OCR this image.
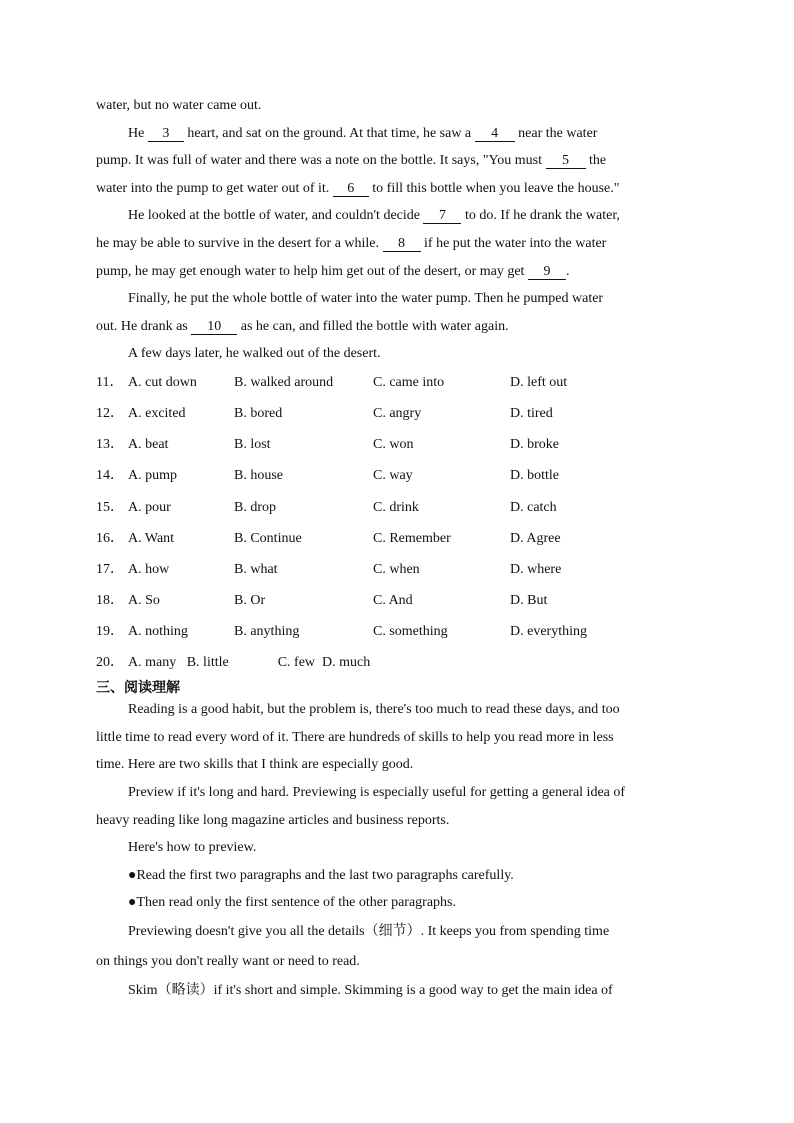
water, but no water came out.
He 3 heart, and sat on the ground. At that time, he saw a 4 near the water
pump. It was full of water and there was a note on the bottle. It says, "You must 5 the
water into the pump to get water out of it. 6 to fill this bottle when you leave the house."
He looked at the bottle of water, and couldn't decide 7 to do. If he drank the water,
he may be able to survive in the desert for a while. 8 if he put the water into the water
pump, he may get enough water to help him get out of the desert, or may get 9 .
Finally, he put the whole bottle of water into the water pump. Then he pumped water
out. He drank as 10 as he can, and filled the bottle with water again.
A few days later, he walked out of the desert.
11． A. cut down	B. walked around	C. came into	D. left out
12． A. excited	B. bored	C. angry	D. tired
13． A. beat	B. lost	C. won	D. broke
14． A. pump	B. house	C. way	D. bottle
15． A. pour	B. drop	C. drink	D. catch
16． A. Want	B. Continue	C. Remember	D. Agree
17． A. how	B. what	C. when	D. where
18． A. So	B. Or	C. And	D. But
19． A. nothing	B. anything	C. something	D. everything
20． A. many   B. little              C. few  D. much
三、阅读理解
Reading is a good habit, but the problem is, there's too much to read these days, and too
little time to read every word of it. There are hundreds of skills to help you read more in less
time. Here are two skills that I think are especially good.
Preview if it's long and hard. Previewing is especially useful for getting a general idea of
heavy reading like long magazine articles and business reports.
Here's how to preview.
●Read the first two paragraphs and the last two paragraphs carefully.
●Then read only the first sentence of the other paragraphs.
Previewing doesn't give you all the details（细节）. It keeps you from spending time
on things you don't really want or need to read.
Skim（略读）if it's short and simple. Skimming is a good way to get the main idea of
